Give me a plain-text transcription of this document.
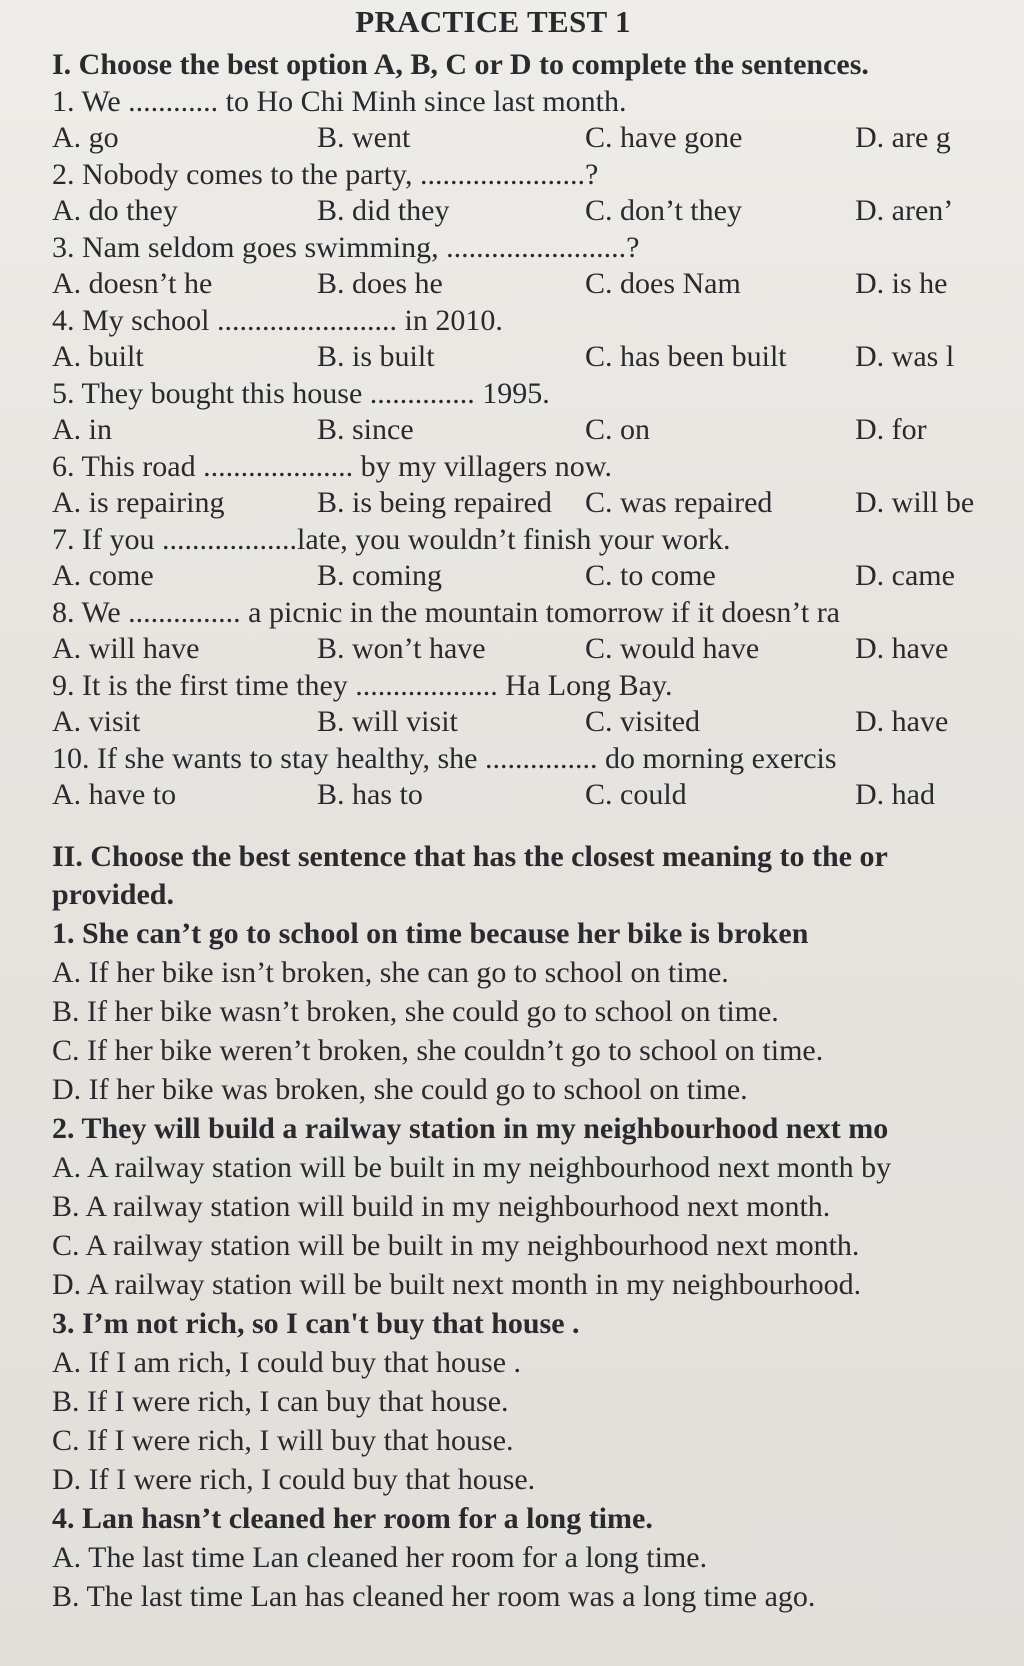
PRACTICE TEST 1

I. Choose the best option A, B, C or D to complete the sentences.

1. We ............ to Ho Chi Minh since last month.

A. go	B. went	C. have gone	D. are g

2. Nobody comes to the party, ......................?

A. do they	B. did they	C. don’t they	D. aren’

3. Nam seldom goes swimming, ........................?

A. doesn’t he	B. does he	C. does Nam	D. is he

4. My school ........................ in 2010.

A. built	B. is built	C. has been built	D. was l

5. They bought this house .............. 1995.

A. in	B. since	C. on	D. for

6. This road .................... by my villagers now.

A. is repairing	B. is being repaired	C. was repaired	D. will be

7. If you ..................late, you wouldn’t finish your work.

A. come	B. coming	C. to come	D. came

8. We ............... a picnic in the mountain tomorrow if it doesn’t ra

A. will have	B. won’t have	C. would have	D. have

9. It is the first time they ................... Ha Long Bay.

A. visit	B. will visit	C. visited	D. have

10. If she wants to stay healthy, she ............... do morning exercis

A. have to	B. has to	C. could	D. had

II. Choose the best sentence that has the closest meaning to the or
provided.

1. She can’t go to school on time because her bike is broken

A. If her bike isn’t broken, she can go to school on time.

B. If her bike wasn’t broken, she could go to school on time.

C. If her bike weren’t broken, she couldn’t go to school on time.

D. If her bike was broken, she could go to school on time.

2. They will build a railway station in my neighbourhood next mo

A. A railway station will be built in my neighbourhood next month by

B. A railway station will build in my neighbourhood next month.

C. A railway station will be built in my neighbourhood next month.

D. A railway station will be built next month in my neighbourhood.

3. I’m not rich, so I can't buy that house .

A. If I am rich, I could buy that house .

B. If I were rich, I can buy that house.

C. If I were rich, I will buy that house.

D. If I were rich, I could buy that house.

4. Lan hasn’t cleaned her room for a long time.

A. The last time Lan cleaned her room for a long time.

B. The last time Lan has cleaned her room was a long time ago.
